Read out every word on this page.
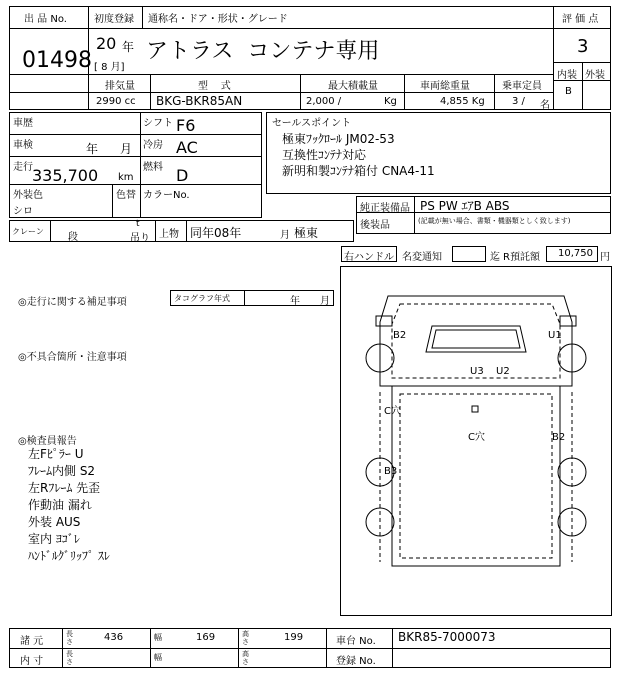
出 品 No.
01498
初度登録 通称名・ドア・形状・グレード
20 年
[ 8 月]
アトラス  コンテナ専用
評 価 点
3
内装 外装
B
排気量	型    式	最大積載量	車両総重量	乗車定員
2990 cc BKG-BKR85AN	2,000 /	Kg	4,855 Kg	3 / 名
車歴	シフト F6
車検	年 月 冷房 AC
走行 335,700 km
燃料 D
外装色
シロ
色替 カラーNo.
セールスポイント
極東ﾌｯｸﾛｰﾙ JM02-53
互換性ｺﾝﾃﾅ対応
新明和製ｺﾝﾃﾅ箱付 CNA4-11
純正装備品 PS PW ｴｱB ABS
後装品	(記載が無い場合、書類・機器類としく致します)
クレーン
段
t
吊り 上物 同年08年	月 極東
右ハンドル 名変通知	迄 R預託額 10,750 円
◎走行に関する補足事項	タコグラフ年式	年 月
◎不具合箇所・注意事項
◎検査員報告
左Fﾋﾟﾗｰ U
ﾌﾚｰﾑ内側 S2
左Rﾌﾚｰﾑ 先歪
作動油 漏れ
外装 AUS
室内 ﾖｺﾞﾚ
ﾊﾝﾄﾞﾙｸﾞﾘｯﾌﾟ ｽﾚ
B2	U1
U3 U2
C穴
C穴	B2
B3
諸 元
長さ	436	幅	169	高さ	199	車台 No. BKR85-7000073
内 寸
長さ	幅	高さ	登録 No.
